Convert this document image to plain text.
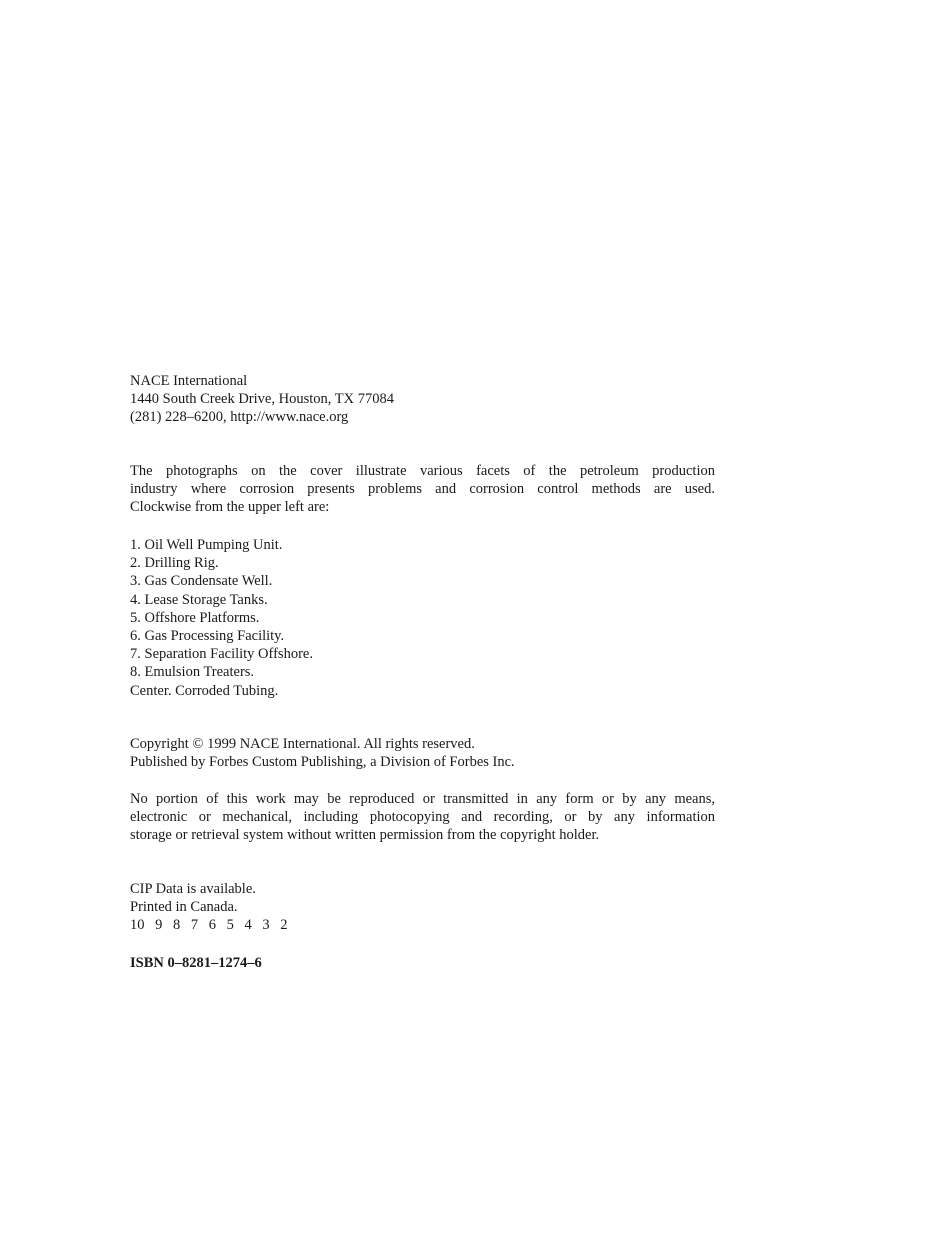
NACE International
1440 South Creek Drive, Houston, TX 77084
(281) 228–6200, http://www.nace.org
The photographs on the cover illustrate various facets of the petroleum production
industry where corrosion presents problems and corrosion control methods are used.
Clockwise from the upper left are:
1. Oil Well Pumping Unit.
2. Drilling Rig.
3. Gas Condensate Well.
4. Lease Storage Tanks.
5. Offshore Platforms.
6. Gas Processing Facility.
7. Separation Facility Offshore.
8. Emulsion Treaters.
Center. Corroded Tubing.
Copyright © 1999 NACE International. All rights reserved.
Published by Forbes Custom Publishing, a Division of Forbes Inc.
No portion of this work may be reproduced or transmitted in any form or by any means,
electronic or mechanical, including photocopying and recording, or by any information
storage or retrieval system without written permission from the copyright holder.
CIP Data is available.
Printed in Canada.
10 9 8 7 6 5 4 3 2
ISBN 0–8281–1274–6
